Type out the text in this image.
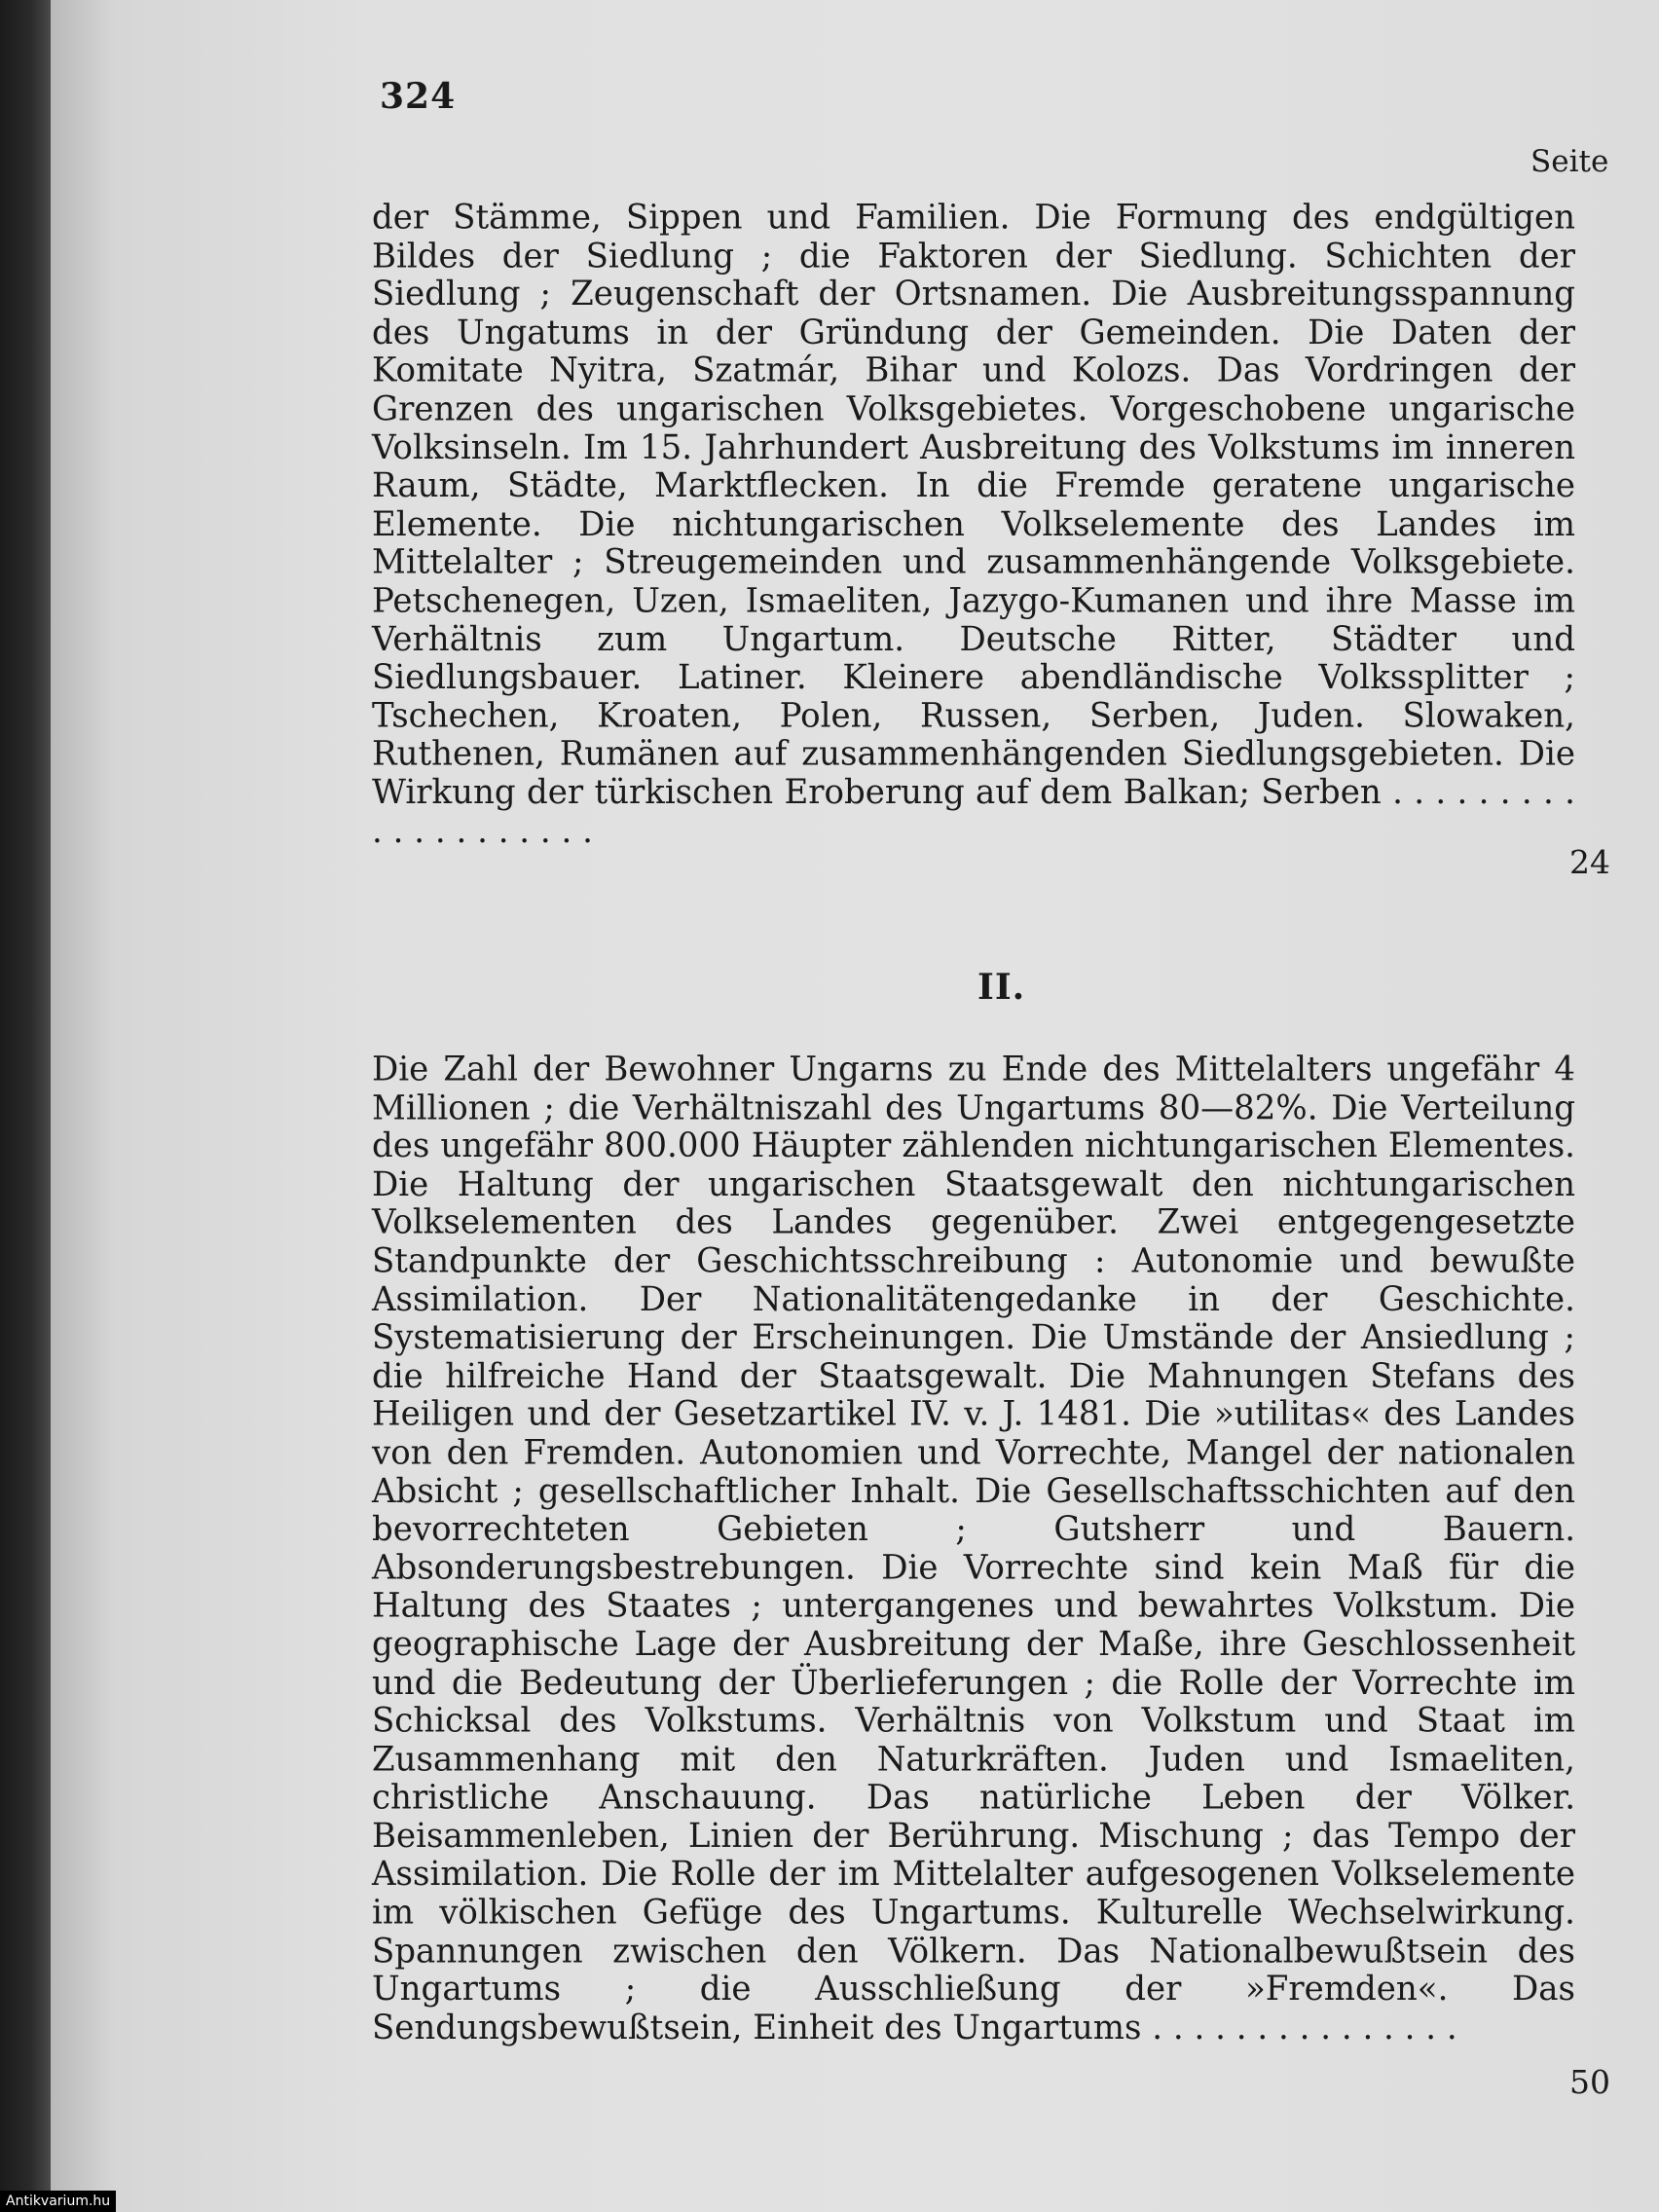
324
Seite

der Stämme, Sippen und Familien. Die Formung des endgültigen Bildes der Siedlung ; die Faktoren der Siedlung. Schichten der Siedlung ; Zeugenschaft der Ortsnamen. Die Ausbreitungsspannung des Ungatums in der Gründung der Gemeinden. Die Daten der Komitate Nyitra, Szatmár, Bihar und Kolozs. Das Vordringen der Grenzen des ungarischen Volksgebietes. Vorgeschobene ungarische Volksinseln. Im 15. Jahrhundert Ausbreitung des Volkstums im inneren Raum, Städte, Marktflecken. In die Fremde geratene ungarische Elemente. Die nichtungarischen Volkselemente des Landes im Mittelalter ; Streugemeinden und zusammenhängende Volksgebiete. Petschenegen, Uzen, Ismaeliten, Jazygo-Kumanen und ihre Masse im Verhältnis zum Ungartum. Deutsche Ritter, Städter und Siedlungsbauer. Latiner. Kleinere abendländische Volkssplitter ; Tschechen, Kroaten, Polen, Russen, Serben, Juden. Slowaken, Ruthenen, Rumänen auf zusammenhängenden Siedlungsgebieten. Die Wirkung der türkischen Eroberung auf dem Balkan; Serben . . . . . . . . . . . . . . . . . . . .

24
II.

Die Zahl der Bewohner Ungarns zu Ende des Mittelalters ungefähr 4 Millionen ; die Verhältniszahl des Ungartums 80—82%. Die Verteilung des ungefähr 800.000 Häupter zählenden nichtungarischen Elementes. Die Haltung der ungarischen Staatsgewalt den nichtungarischen Volkselementen des Landes gegenüber. Zwei entgegengesetzte Standpunkte der Geschichtsschreibung : Autonomie und bewußte Assimilation. Der Nationalitätengedanke in der Geschichte. Systematisierung der Erscheinungen. Die Umstände der Ansiedlung ; die hilfreiche Hand der Staatsgewalt. Die Mahnungen Stefans des Heiligen und der Gesetzartikel IV. v. J. 1481. Die »utilitas« des Landes von den Fremden. Autonomien und Vorrechte, Mangel der nationalen Absicht ; gesellschaftlicher Inhalt. Die Gesellschaftsschichten auf den bevorrechteten Gebieten ; Gutsherr und Bauern. Absonderungsbestrebungen. Die Vorrechte sind kein Maß für die Haltung des Staates ; untergangenes und bewahrtes Volkstum. Die geographische Lage der Ausbreitung der Maße, ihre Geschlossenheit und die Bedeutung der Überlieferungen ; die Rolle der Vorrechte im Schicksal des Volkstums. Verhältnis von Volkstum und Staat im Zusammenhang mit den Naturkräften. Juden und Ismaeliten, christliche Anschauung. Das natürliche Leben der Völker. Beisammenleben, Linien der Berührung. Mischung ; das Tempo der Assimilation. Die Rolle der im Mittelalter aufgesogenen Volkselemente im völkischen Gefüge des Ungartums. Kulturelle Wechselwirkung. Spannungen zwischen den Völkern. Das Nationalbewußtsein des Ungartums ; die Ausschließung der »Fremden«. Das Sendungsbewußtsein, Einheit des Ungartums . . . . . . . . . . . . . . .

50
Antikvarium.hu
